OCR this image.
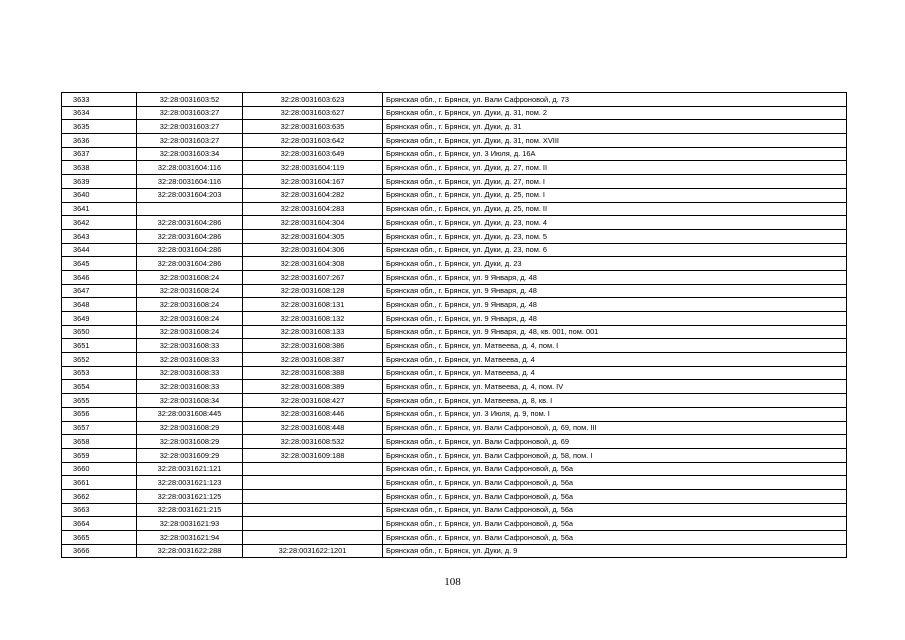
3633	32:28:0031603:52	32:28:0031603:623	Брянская обл., г. Брянск, ул. Вали Сафроновой, д. 73
3634	32:28:0031603:27	32:28:0031603:627	Брянская обл., г. Брянск, ул. Дуки, д. 31, пом. 2
3635	32:28:0031603:27	32:28:0031603:635	Брянская обл., г. Брянск, ул. Дуки, д. 31
3636	32:28:0031603:27	32:28:0031603:642	Брянская обл., г. Брянск, ул. Дуки, д. 31, пом. XVIII
3637	32:28:0031603:34	32:28:0031603:649	Брянская обл., г. Брянск, ул. 3 Июля, д. 16А
3638	32:28:0031604:116	32:28:0031604:119	Брянская обл., г. Брянск, ул. Дуки, д. 27, пом. II
3639	32:28:0031604:116	32:28:0031604:167	Брянская обл., г. Брянск, ул. Дуки, д. 27, пом. I
3640	32:28:0031604:203	32:28:0031604:282	Брянская обл., г. Брянск, ул. Дуки, д. 25, пом. I
3641		32:28:0031604:283	Брянская обл., г. Брянск, ул. Дуки, д. 25, пом. II
3642	32:28:0031604:286	32:28:0031604:304	Брянская обл., г. Брянск, ул. Дуки, д. 23, пом. 4
3643	32:28:0031604:286	32:28:0031604:305	Брянская обл., г. Брянск, ул. Дуки, д. 23, пом. 5
3644	32:28:0031604:286	32:28:0031604:306	Брянская обл., г. Брянск, ул. Дуки, д. 23, пом. 6
3645	32:28:0031604:286	32:28:0031604:308	Брянская обл., г. Брянск, ул. Дуки, д. 23
3646	32:28:0031608:24	32:28:0031607:267	Брянская обл., г. Брянск, ул. 9 Января, д. 48
3647	32:28:0031608:24	32:28:0031608:128	Брянская обл., г. Брянск, ул. 9 Января, д. 48
3648	32:28:0031608:24	32:28:0031608:131	Брянская обл., г. Брянск, ул. 9 Января, д. 48
3649	32:28:0031608:24	32:28:0031608:132	Брянская обл., г. Брянск, ул. 9 Января, д. 48
3650	32:28:0031608:24	32:28:0031608:133	Брянская обл., г. Брянск, ул. 9 Января, д. 48, кв. 001, пом. 001
3651	32:28:0031608:33	32:28:0031608:386	Брянская обл., г. Брянск, ул. Матвеева, д. 4, пом. I
3652	32:28:0031608:33	32:28:0031608:387	Брянская обл., г. Брянск, ул. Матвеева, д. 4
3653	32:28:0031608:33	32:28:0031608:388	Брянская обл., г. Брянск, ул. Матвеева, д. 4
3654	32:28:0031608:33	32:28:0031608:389	Брянская обл., г. Брянск, ул. Матвеева, д. 4, пом. IV
3655	32:28:0031608:34	32:28:0031608:427	Брянская обл., г. Брянск, ул. Матвеева, д. 8, кв. I
3656	32:28:0031608:445	32:28:0031608:446	Брянская обл., г. Брянск, ул. 3 Июля, д. 9, пом. I
3657	32:28:0031608:29	32:28:0031608:448	Брянская обл., г. Брянск, ул. Вали Сафроновой, д. 69, пом. III
3658	32:28:0031608:29	32:28:0031608:532	Брянская обл., г. Брянск, ул. Вали Сафроновой, д. 69
3659	32:28:0031609:29	32:28:0031609:188	Брянская обл., г. Брянск, ул. Вали Сафроновой, д. 58, пом. I
3660	32:28:0031621:121		Брянская обл., г. Брянск, ул. Вали Сафроновой, д. 56а
3661	32:28:0031621:123		Брянская обл., г. Брянск, ул. Вали Сафроновой, д. 56а
3662	32:28:0031621:125		Брянская обл., г. Брянск, ул. Вали Сафроновой, д. 56а
3663	32:28:0031621:215		Брянская обл., г. Брянск, ул. Вали Сафроновой, д. 56а
3664	32:28:0031621:93		Брянская обл., г. Брянск, ул. Вали Сафроновой, д. 56а
3665	32:28:0031621:94		Брянская обл., г. Брянск, ул. Вали Сафроновой, д. 56а
3666	32:28:0031622:288	32:28:0031622:1201	Брянская обл., г. Брянск, ул. Дуки, д. 9
108
